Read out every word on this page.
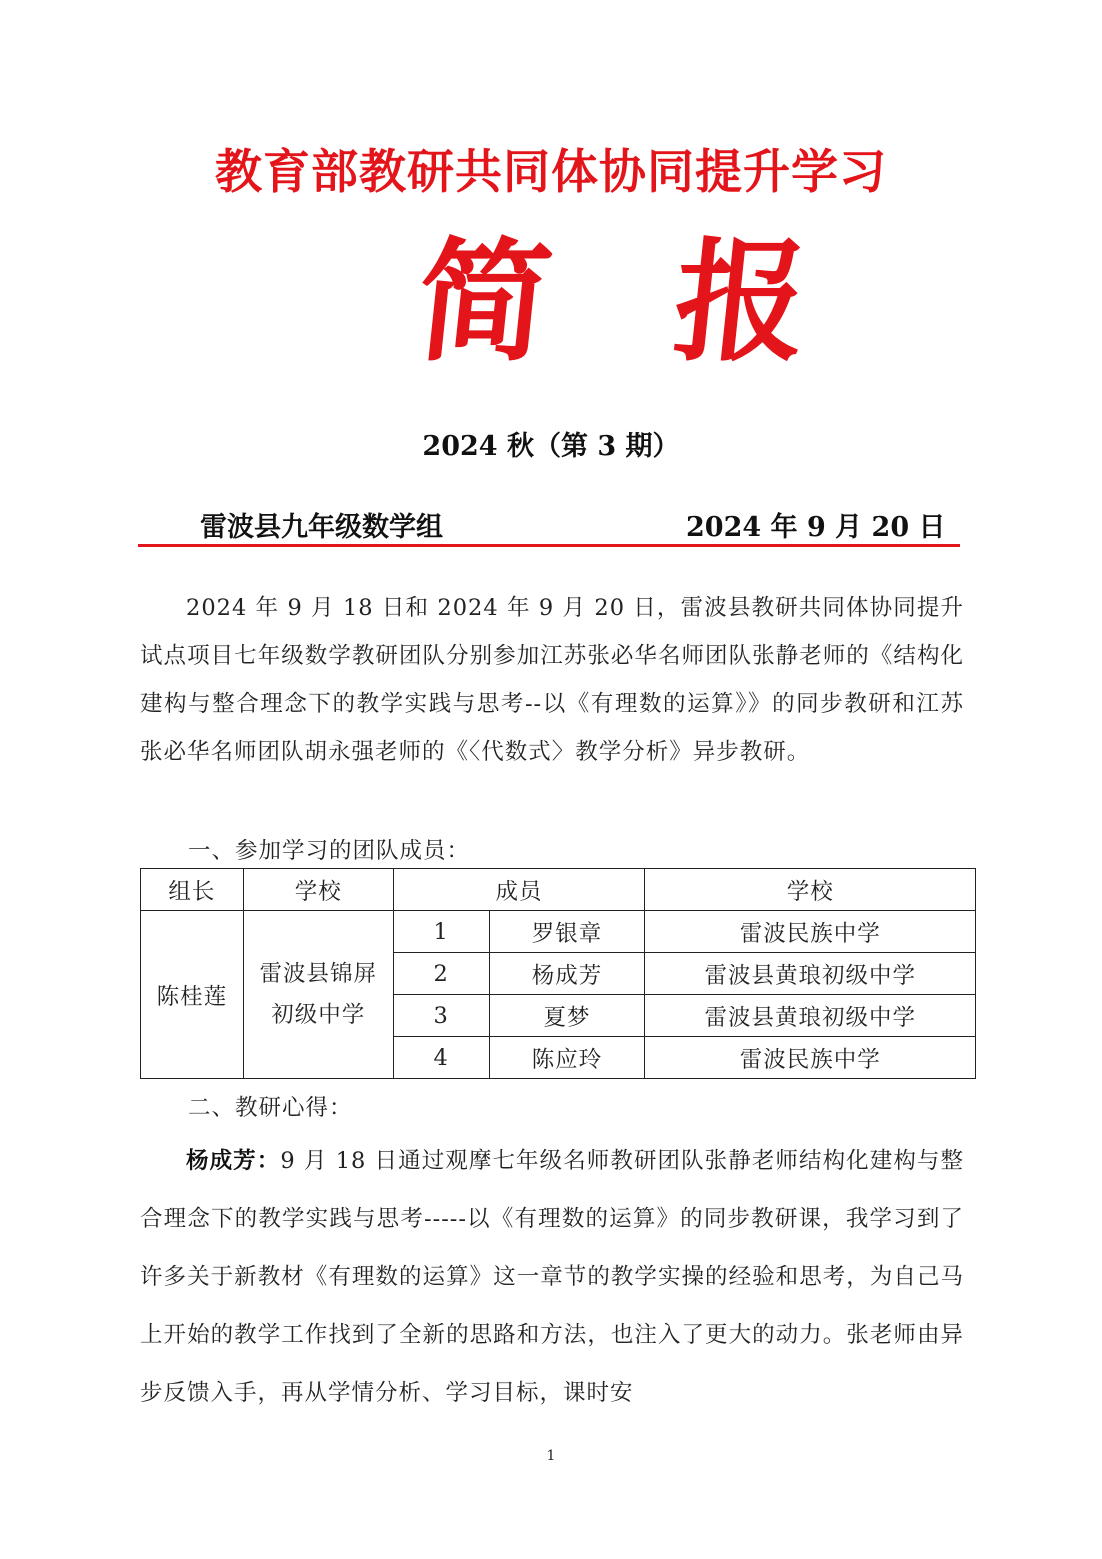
教育部教研共同体协同提升学习
简 报
2024 秋（第 3 期）
雷波县九年级数学组	2024 年 9 月 20 日
2024 年 9 月 18 日和 2024 年 9 月 20 日，雷波县教研共同体协同提升试点项目七年级数学教研团队分别参加江苏张必华名师团队张静老师的《结构化建构与整合理念下的教学实践与思考--以《有理数的运算》》的同步教研和江苏张必华名师团队胡永强老师的《〈代数式〉教学分析》异步教研。
一、参加学习的团队成员：
组长	学校	成员		学校
陈桂莲	雷波县锦屏初级中学	1	罗银章	雷波民族中学
		2	杨成芳	雷波县黄琅初级中学
		3	夏梦	雷波县黄琅初级中学
		4	陈应玲	雷波民族中学
二、教研心得：
杨成芳：9 月 18 日通过观摩七年级名师教研团队张静老师结构化建构与整合理念下的教学实践与思考-----以《有理数的运算》的同步教研课，我学习到了许多关于新教材《有理数的运算》这一章节的教学实操的经验和思考，为自己马上开始的教学工作找到了全新的思路和方法，也注入了更大的动力。张老师由异步反馈入手，再从学情分析、学习目标，课时安
1
